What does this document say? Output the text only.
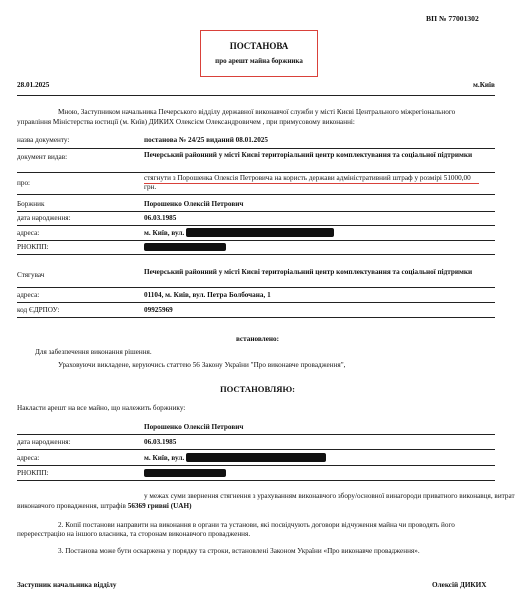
ВП № 77001302
ПОСТАНОВА
про арешт майна боржника
28.01.2025	м.Київ
Мною, Заступником начальника Печерського відділу державної виконавчої служби у місті Києві Центрального міжрегіонального
управління Міністерства юстиції (м. Київ) ДИКИХ Олексієм Олександровичем , при примусовому виконанні:
назва документу:	постанова № 24/25 виданий 08.01.2025
документ видав:	Печерський районний у місті Києві територіальний центр комплектування та соціальної підтримки
про:
стягнути з Порошенка Олексія Петровича на користь держави адміністративний штраф у розмірі 51000,00 грн.
Боржник	Порошенко Олексій Петрович
дата народження:	06.03.1985
адреса:	м. Київ, вул.
РНОКПП:
Стягувач	Печерський районний у місті Києві територіальний центр комплектування та соціальної підтримки
адреса:	01104, м. Київ, вул. Петра Болбочана, 1
код ЄДРПОУ:	09925969
встановлено:
Для забезпечення виконання рішення.
Ураховуючи викладене, керуючись статтею 56 Закону України "Про виконавче провадження",
ПОСТАНОВЛЯЮ:
Накласти арешт на все майно, що належить боржнику:
Порошенко Олексій Петрович
дата народження:	06.03.1985
адреса:	м. Київ, вул.
РНОКПП:
у межах суми звернення стягнення з урахуванням виконавчого збору/основної винагороди приватного виконавця, витрат
виконавчого провадження, штрафів 56369 гривні (UAH)
2. Копії постанови направити на виконання в органи та установи, які посвідчують договори відчуження майна чи проводять його перереєстрацію на іншого власника, та сторонам виконавчого провадження.
3. Постанова може бути оскаржена у порядку та строки, встановлені Законом України «Про виконавче провадження».
Заступник начальника відділу	Олексій ДИКИХ
